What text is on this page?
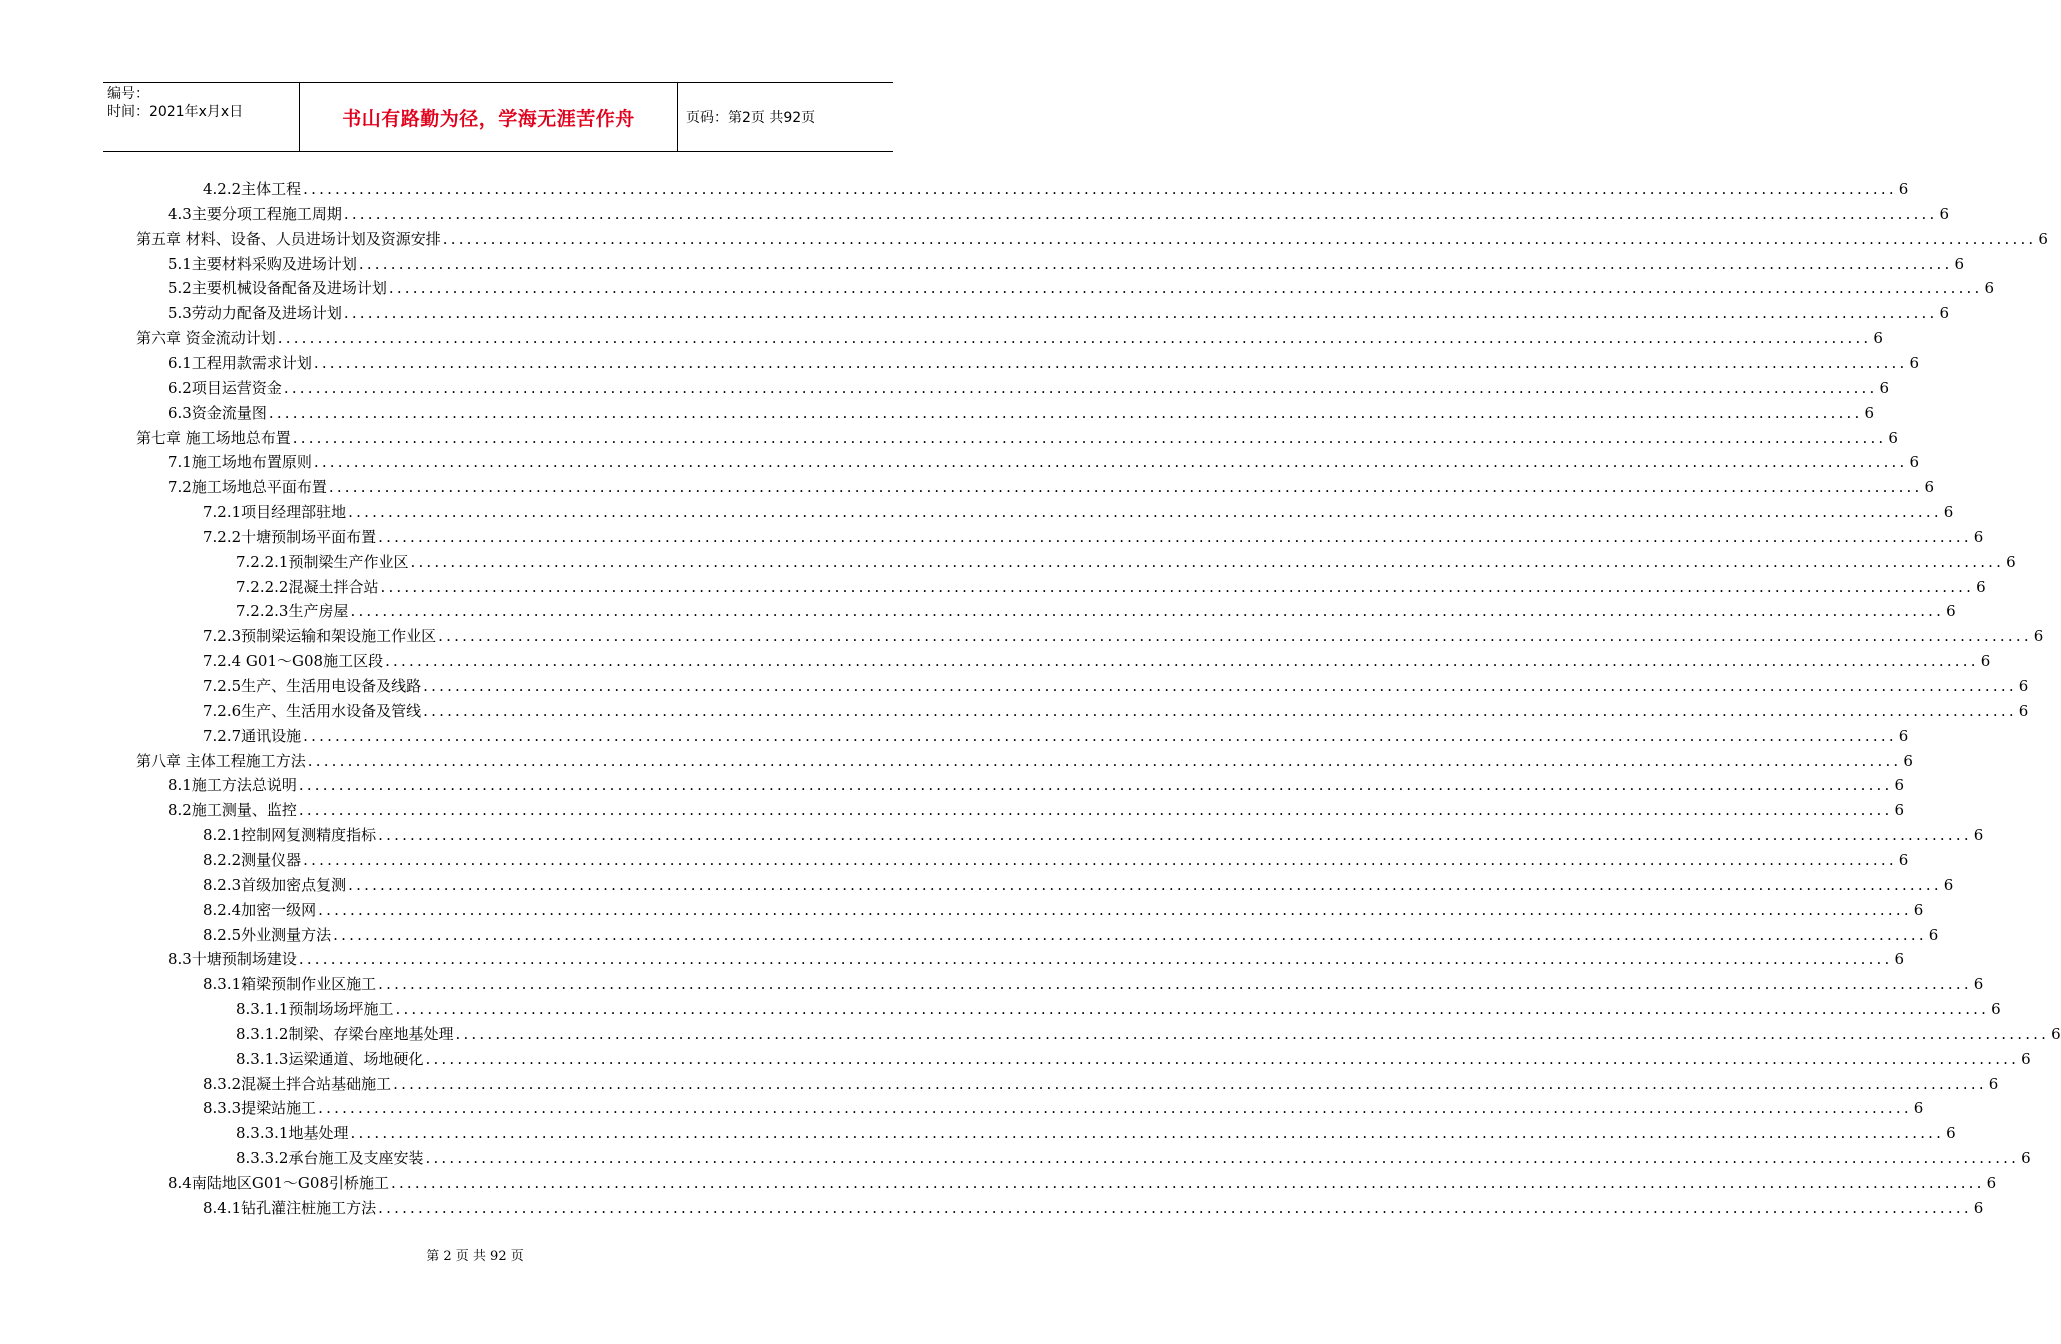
编号：
时间：2021年x月x日	书山有路勤为径，学海无涯苦作舟	页码：第2页 共92页
4.2.2主体工程 ........................................................................................................................................................................................................ 6
4.3主要分项工程施工周期 ........................................................................................................................................................................................................ 6
第五章 材料、设备、人员进场计划及资源安排 ........................................................................................................................................................................................................ 6
5.1主要材料采购及进场计划 ........................................................................................................................................................................................................ 6
5.2主要机械设备配备及进场计划 ........................................................................................................................................................................................................ 6
5.3劳动力配备及进场计划 ........................................................................................................................................................................................................ 6
第六章 资金流动计划 ........................................................................................................................................................................................................ 6
6.1工程用款需求计划 ........................................................................................................................................................................................................ 6
6.2项目运营资金 ........................................................................................................................................................................................................ 6
6.3资金流量图 ........................................................................................................................................................................................................ 6
第七章 施工场地总布置 ........................................................................................................................................................................................................ 6
7.1施工场地布置原则 ........................................................................................................................................................................................................ 6
7.2施工场地总平面布置 ........................................................................................................................................................................................................ 6
7.2.1项目经理部驻地 ........................................................................................................................................................................................................ 6
7.2.2十塘预制场平面布置 ........................................................................................................................................................................................................ 6
7.2.2.1预制梁生产作业区 ........................................................................................................................................................................................................ 6
7.2.2.2混凝土拌合站 ........................................................................................................................................................................................................ 6
7.2.2.3生产房屋 ........................................................................................................................................................................................................ 6
7.2.3预制梁运输和架设施工作业区 ........................................................................................................................................................................................................ 6
7.2.4 G01～G08施工区段 ........................................................................................................................................................................................................ 6
7.2.5生产、生活用电设备及线路 ........................................................................................................................................................................................................ 6
7.2.6生产、生活用水设备及管线 ........................................................................................................................................................................................................ 6
7.2.7通讯设施 ........................................................................................................................................................................................................ 6
第八章 主体工程施工方法 ........................................................................................................................................................................................................ 6
8.1施工方法总说明 ........................................................................................................................................................................................................ 6
8.2施工测量、监控 ........................................................................................................................................................................................................ 6
8.2.1控制网复测精度指标 ........................................................................................................................................................................................................ 6
8.2.2测量仪器 ........................................................................................................................................................................................................ 6
8.2.3首级加密点复测 ........................................................................................................................................................................................................ 6
8.2.4加密一级网 ........................................................................................................................................................................................................ 6
8.2.5外业测量方法 ........................................................................................................................................................................................................ 6
8.3十塘预制场建设 ........................................................................................................................................................................................................ 6
8.3.1箱梁预制作业区施工 ........................................................................................................................................................................................................ 6
8.3.1.1预制场场坪施工 ........................................................................................................................................................................................................ 6
8.3.1.2制梁、存梁台座地基处理 ........................................................................................................................................................................................................ 6
8.3.1.3运梁通道、场地硬化 ........................................................................................................................................................................................................ 6
8.3.2混凝土拌合站基础施工 ........................................................................................................................................................................................................ 6
8.3.3提梁站施工 ........................................................................................................................................................................................................ 6
8.3.3.1地基处理 ........................................................................................................................................................................................................ 6
8.3.3.2承台施工及支座安装 ........................................................................................................................................................................................................ 6
8.4南陆地区G01～G08引桥施工 ........................................................................................................................................................................................................ 6
8.4.1钻孔灌注桩施工方法 ........................................................................................................................................................................................................ 6
第 2 页 共 92 页
